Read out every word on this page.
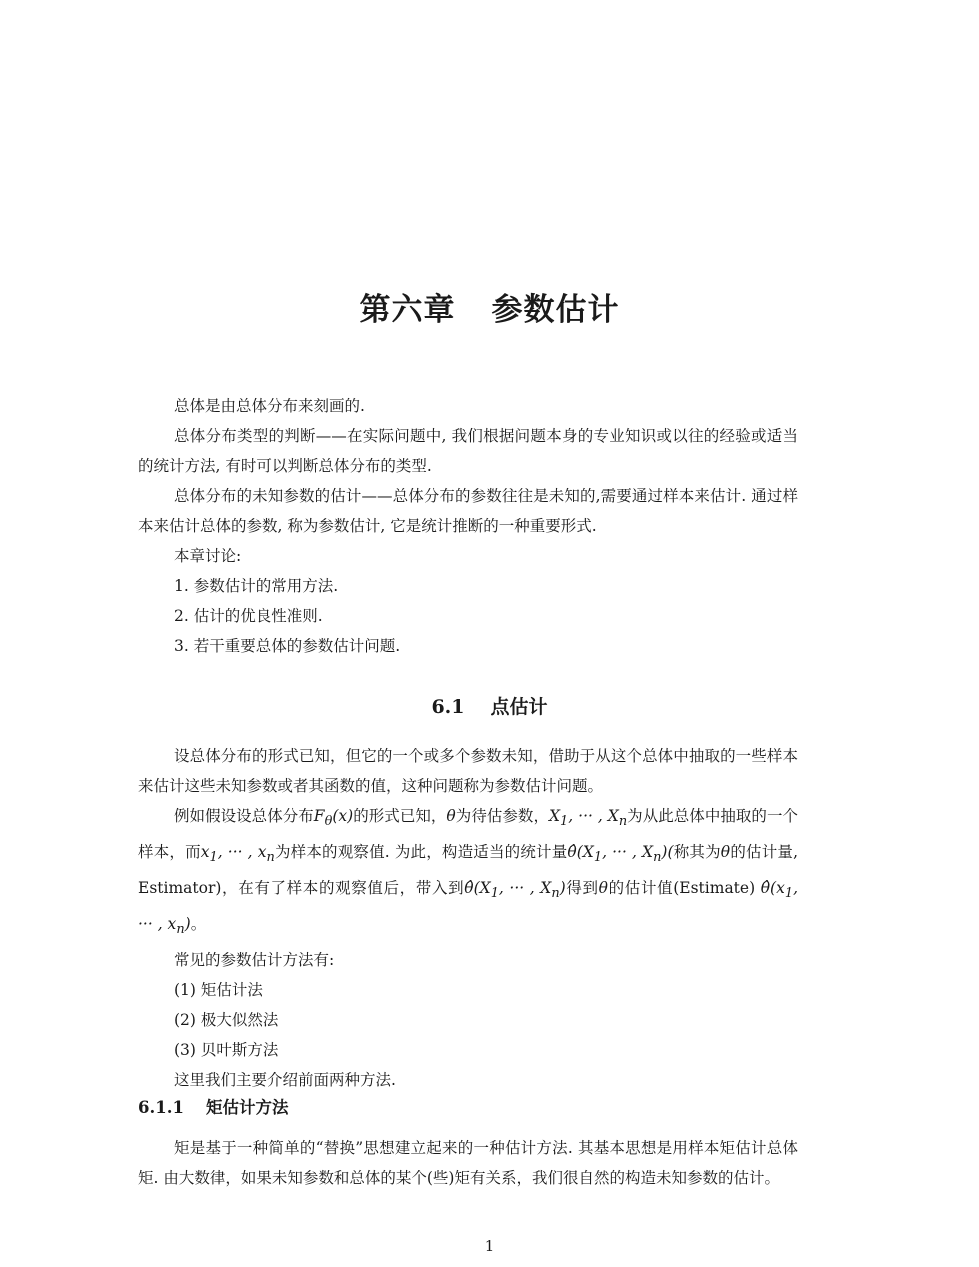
第六章 参数估计

总体是由总体分布来刻画的.

总体分布类型的判断——在实际问题中, 我们根据问题本身的专业知识或以往的经验或适当的统计方法, 有时可以判断总体分布的类型.

总体分布的未知参数的估计——总体分布的参数往往是未知的,需要通过样本来估计. 通过样本来估计总体的参数, 称为参数估计, 它是统计推断的一种重要形式.

本章讨论:

1. 参数估计的常用方法.

2. 估计的优良性准则.

3. 若干重要总体的参数估计问题.

6.1 点估计

设总体分布的形式已知，但它的一个或多个参数未知，借助于从这个总体中抽取的一些样本来估计这些未知参数或者其函数的值，这种问题称为参数估计问题。

例如假设设总体分布$F_\theta(x)$的形式已知，θ为待估参数，$X_1$, ··· , $X_n$为从此总体中抽取的一个样本，而$x_1$, ··· , $x_n$为样本的观察值. 为此，构造适当的统计量$\thetâ(X_1$, ··· , $X_n$)(称其为θ的估计量, Estimator)，在有了样本的观察值后，带入到$\thetâ(X_1$, ··· , $X_n$)得到θ的估计值(Estimate) $\thetâ(x_1$, ··· , $x_n$)。

常见的参数估计方法有:

(1) 矩估计法

(2) 极大似然法

(3) 贝叶斯方法

这里我们主要介绍前面两种方法.

6.1.1 矩估计方法

矩是基于一种简单的“替换”思想建立起来的一种估计方法. 其基本思想是用样本矩估计总体矩. 由大数律，如果未知参数和总体的某个(些)矩有关系，我们很自然的构造未知参数的估计。

1
